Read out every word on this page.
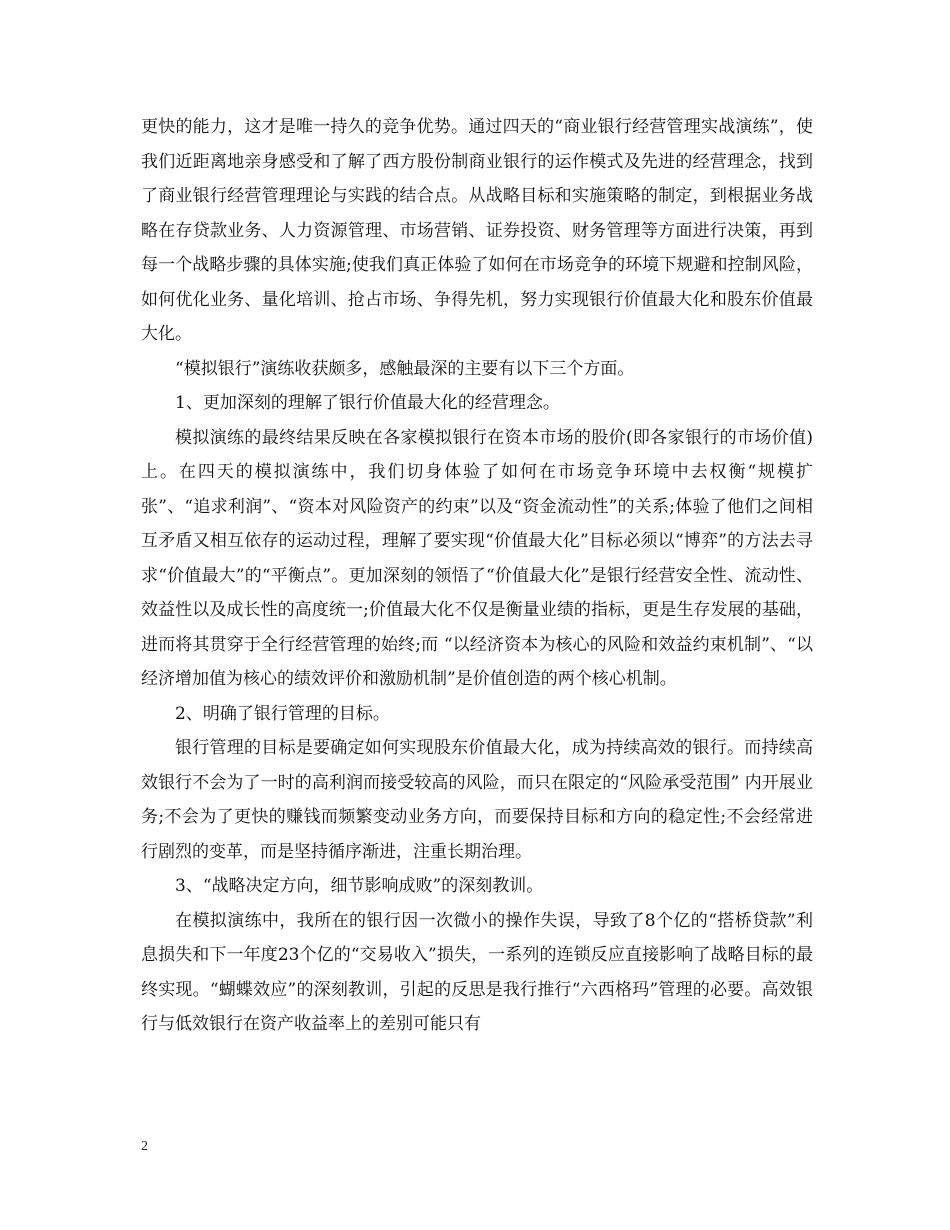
更快的能力，这才是唯一持久的竞争优势。通过四天的“商业银行经营管理实战演练”，使我们近距离地亲身感受和了解了西方股份制商业银行的运作模式及先进的经营理念，找到了商业银行经营管理理论与实践的结合点。从战略目标和实施策略的制定，到根据业务战略在存贷款业务、人力资源管理、市场营销、证券投资、财务管理等方面进行决策，再到每一个战略步骤的具体实施;使我们真正体验了如何在市场竞争的环境下规避和控制风险，如何优化业务、量化培训、抢占市场、争得先机，努力实现银行价值最大化和股东价值最大化。

“模拟银行”演练收获颇多，感触最深的主要有以下三个方面。

1、更加深刻的理解了银行价值最大化的经营理念。

模拟演练的最终结果反映在各家模拟银行在资本市场的股价(即各家银行的市场价值)上。在四天的模拟演练中，我们切身体验了如何在市场竞争环境中去权衡“规模扩张”、“追求利润”、“资本对风险资产的约束”以及“资金流动性”的关系;体验了他们之间相互矛盾又相互依存的运动过程，理解了要实现“价值最大化”目标必须以“博弈”的方法去寻求“价值最大”的“平衡点”。更加深刻的领悟了“价值最大化”是银行经营安全性、流动性、效益性以及成长性的高度统一;价值最大化不仅是衡量业绩的指标，更是生存发展的基础，进而将其贯穿于全行经营管理的始终;而 “以经济资本为核心的风险和效益约束机制”、“以经济增加值为核心的绩效评价和激励机制”是价值创造的两个核心机制。

2、明确了银行管理的目标。

银行管理的目标是要确定如何实现股东价值最大化，成为持续高效的银行。而持续高效银行不会为了一时的高利润而接受较高的风险，而只在限定的“风险承受范围” 内开展业务;不会为了更快的赚钱而频繁变动业务方向，而要保持目标和方向的稳定性;不会经常进行剧烈的变革，而是坚持循序渐进，注重长期治理。

3、“战略决定方向，细节影响成败”的深刻教训。

在模拟演练中，我所在的银行因一次微小的操作失误，导致了8个亿的“搭桥贷款”利息损失和下一年度23个亿的“交易收入”损失，一系列的连锁反应直接影响了战略目标的最终实现。“蝴蝶效应”的深刻教训，引起的反思是我行推行“六西格玛”管理的必要。高效银行与低效银行在资产收益率上的差别可能只有

2
